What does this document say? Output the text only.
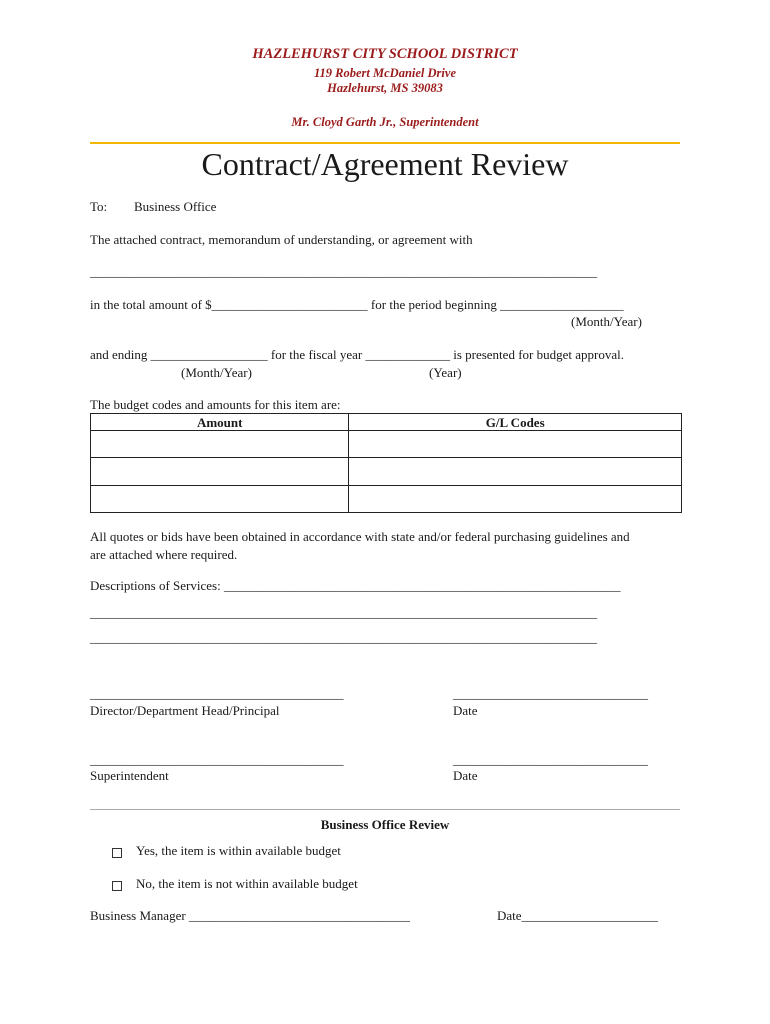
HAZLEHURST CITY SCHOOL DISTRICT
119 Robert McDaniel Drive
Hazlehurst, MS 39083
Mr. Cloyd Garth Jr., Superintendent
Contract/Agreement Review
To: Business Office
The attached contract, memorandum of understanding, or agreement with
______________________________________________________________________________
in the total amount of $________________________ for the period beginning ___________________
(Month/Year)
and ending __________________ for the fiscal year _____________ is presented for budget approval.
(Month/Year)	(Year)
The budget codes and amounts for this item are:
Amount	G/L Codes

All quotes or bids have been obtained in accordance with state and/or federal purchasing guidelines and
are attached where required.
Descriptions of Services: _____________________________________________________________
______________________________________________________________________________
______________________________________________________________________________
_______________________________________	______________________________
Director/Department Head/Principal	Date
_______________________________________	______________________________
Superintendent	Date
Business Office Review
Yes, the item is within available budget
No, the item is not within available budget
Business Manager __________________________________	Date_____________________
